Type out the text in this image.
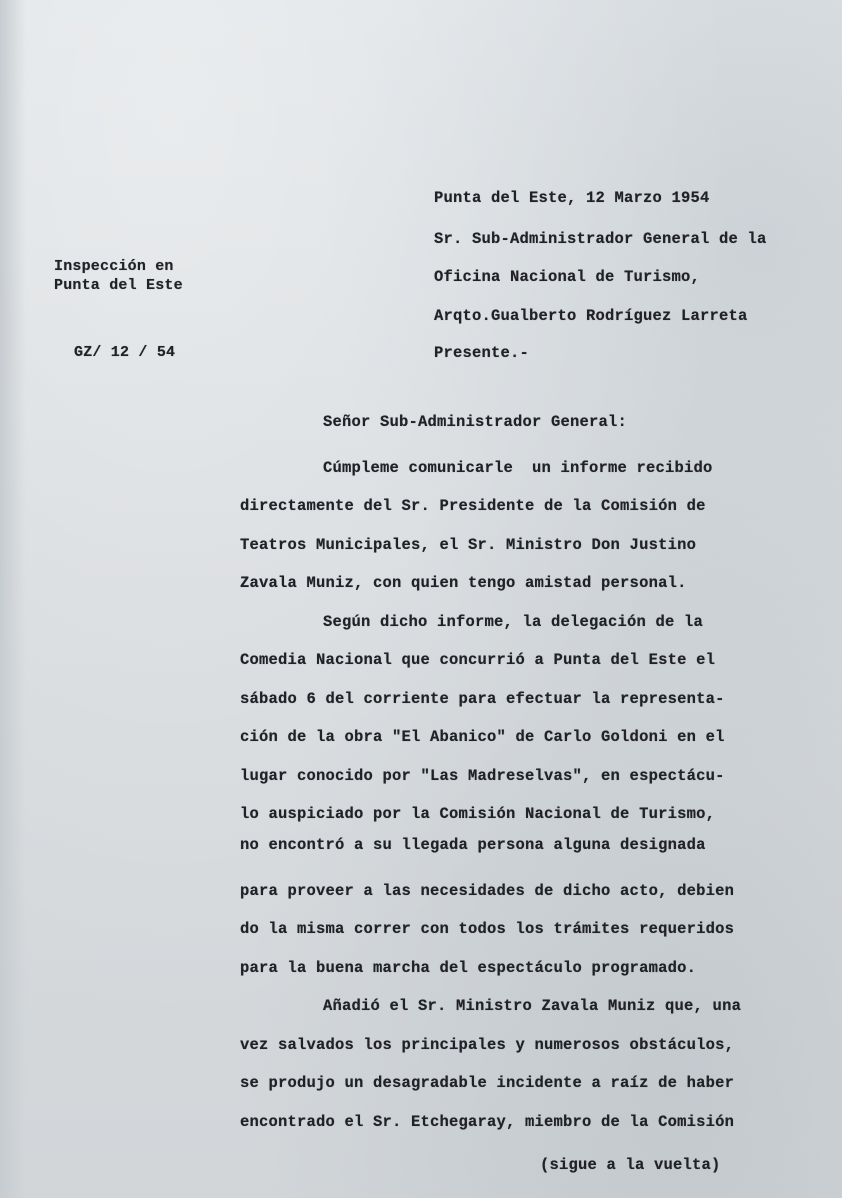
Inspección en
Punta del Este
GZ/ 12 / 54
Punta del Este, 12 Marzo 1954
Sr. Sub-Administrador General de la
Oficina Nacional de Turismo,
Arqto.Gualberto Rodríguez Larreta
Presente.-
Señor Sub-Administrador General:
Cúmpleme comunicarle  un informe recibido
directamente del Sr. Presidente de la Comisión de
Teatros Municipales, el Sr. Ministro Don Justino
Zavala Muniz, con quien tengo amistad personal.
Según dicho informe, la delegación de la
Comedia Nacional que concurrió a Punta del Este el
sábado 6 del corriente para efectuar la representa-
ción de la obra "El Abanico" de Carlo Goldoni en el
lugar conocido por "Las Madreselvas", en espectácu-
lo auspiciado por la Comisión Nacional de Turismo,
no encontró a su llegada persona alguna designada
para proveer a las necesidades de dicho acto, debien
do la misma correr con todos los trámites requeridos
para la buena marcha del espectáculo programado.
Añadió el Sr. Ministro Zavala Muniz que, una
vez salvados los principales y numerosos obstáculos,
se produjo un desagradable incidente a raíz de haber
encontrado el Sr. Etchegaray, miembro de la Comisión
(sigue a la vuelta)
